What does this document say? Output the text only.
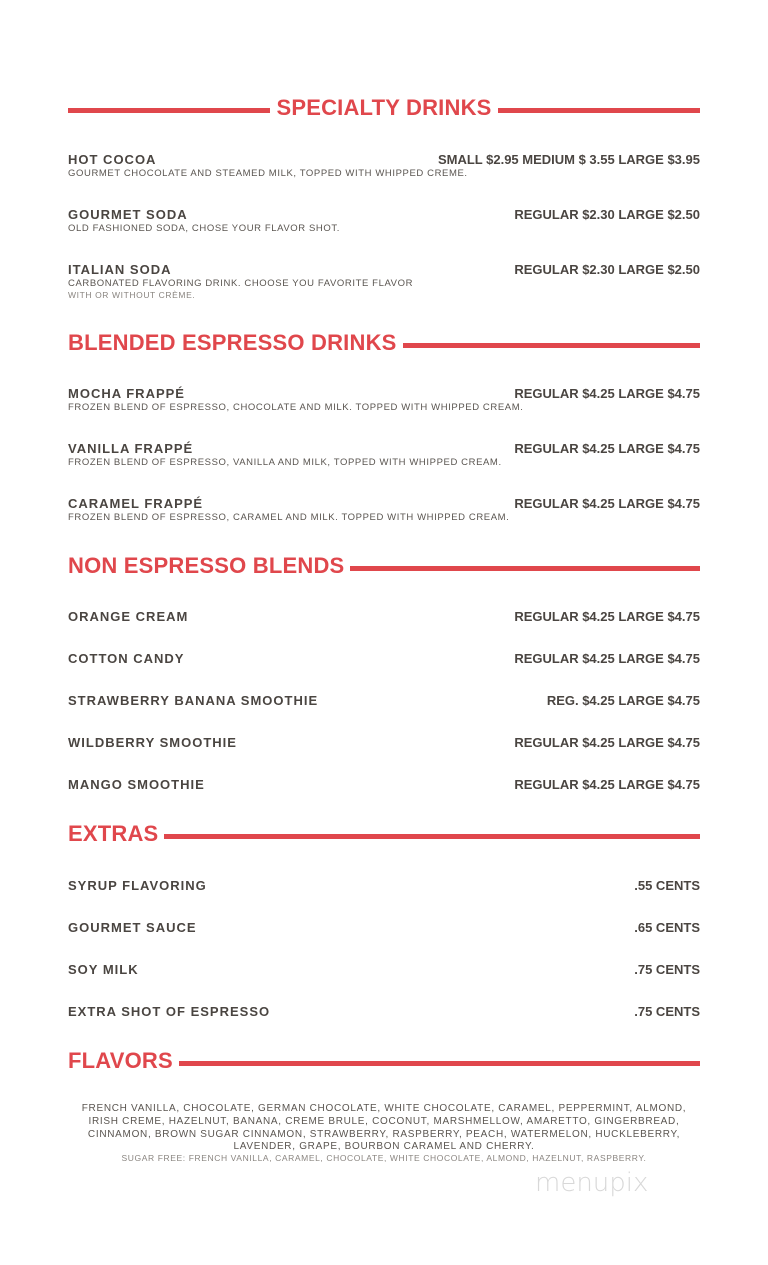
SPECIALTY DRINKS
HOT COCOA	SMALL $2.95 MEDIUM $ 3.55 LARGE $3.95
GOURMET CHOCOLATE AND STEAMED MILK, TOPPED WITH WHIPPED CREME.
GOURMET SODA	REGULAR $2.30 LARGE $2.50
OLD FASHIONED SODA, CHOSE YOUR FLAVOR SHOT.
ITALIAN SODA	REGULAR $2.30 LARGE $2.50
CARBONATED FLAVORING DRINK. CHOOSE YOU FAVORITE FLAVOR
WITH OR WITHOUT CRÈME.
BLENDED ESPRESSO DRINKS
MOCHA FRAPPÉ	REGULAR $4.25 LARGE $4.75
FROZEN BLEND OF ESPRESSO, CHOCOLATE AND MILK. TOPPED WITH WHIPPED CREAM.
VANILLA FRAPPÉ	REGULAR $4.25 LARGE $4.75
FROZEN BLEND OF ESPRESSO, VANILLA AND MILK, TOPPED WITH WHIPPED CREAM.
CARAMEL FRAPPÉ	REGULAR $4.25 LARGE $4.75
FROZEN BLEND OF ESPRESSO, CARAMEL AND MILK. TOPPED WITH WHIPPED CREAM.
NON ESPRESSO BLENDS
ORANGE CREAM	REGULAR $4.25 LARGE $4.75
COTTON CANDY	REGULAR $4.25 LARGE $4.75
STRAWBERRY BANANA SMOOTHIE	REG. $4.25 LARGE $4.75
WILDBERRY SMOOTHIE	REGULAR $4.25 LARGE $4.75
MANGO SMOOTHIE	REGULAR $4.25 LARGE $4.75
EXTRAS
SYRUP FLAVORING	.55 CENTS
GOURMET SAUCE	.65 CENTS
SOY MILK	.75 CENTS
EXTRA SHOT OF ESPRESSO	.75 CENTS
FLAVORS
FRENCH VANILLA, CHOCOLATE, GERMAN CHOCOLATE, WHITE CHOCOLATE, CARAMEL, PEPPERMINT, ALMOND, IRISH CREME, HAZELNUT, BANANA, CREME BRULE, COCONUT, MARSHMELLOW, AMARETTO, GINGERBREAD, CINNAMON, BROWN SUGAR CINNAMON, STRAWBERRY, RASPBERRY, PEACH, WATERMELON, HUCKLEBERRY, LAVENDER, GRAPE, BOURBON CARAMEL AND CHERRY.
SUGAR FREE: FRENCH VANILLA, CARAMEL, CHOCOLATE, WHITE CHOCOLATE, ALMOND, HAZELNUT, RASPBERRY.
menupix
